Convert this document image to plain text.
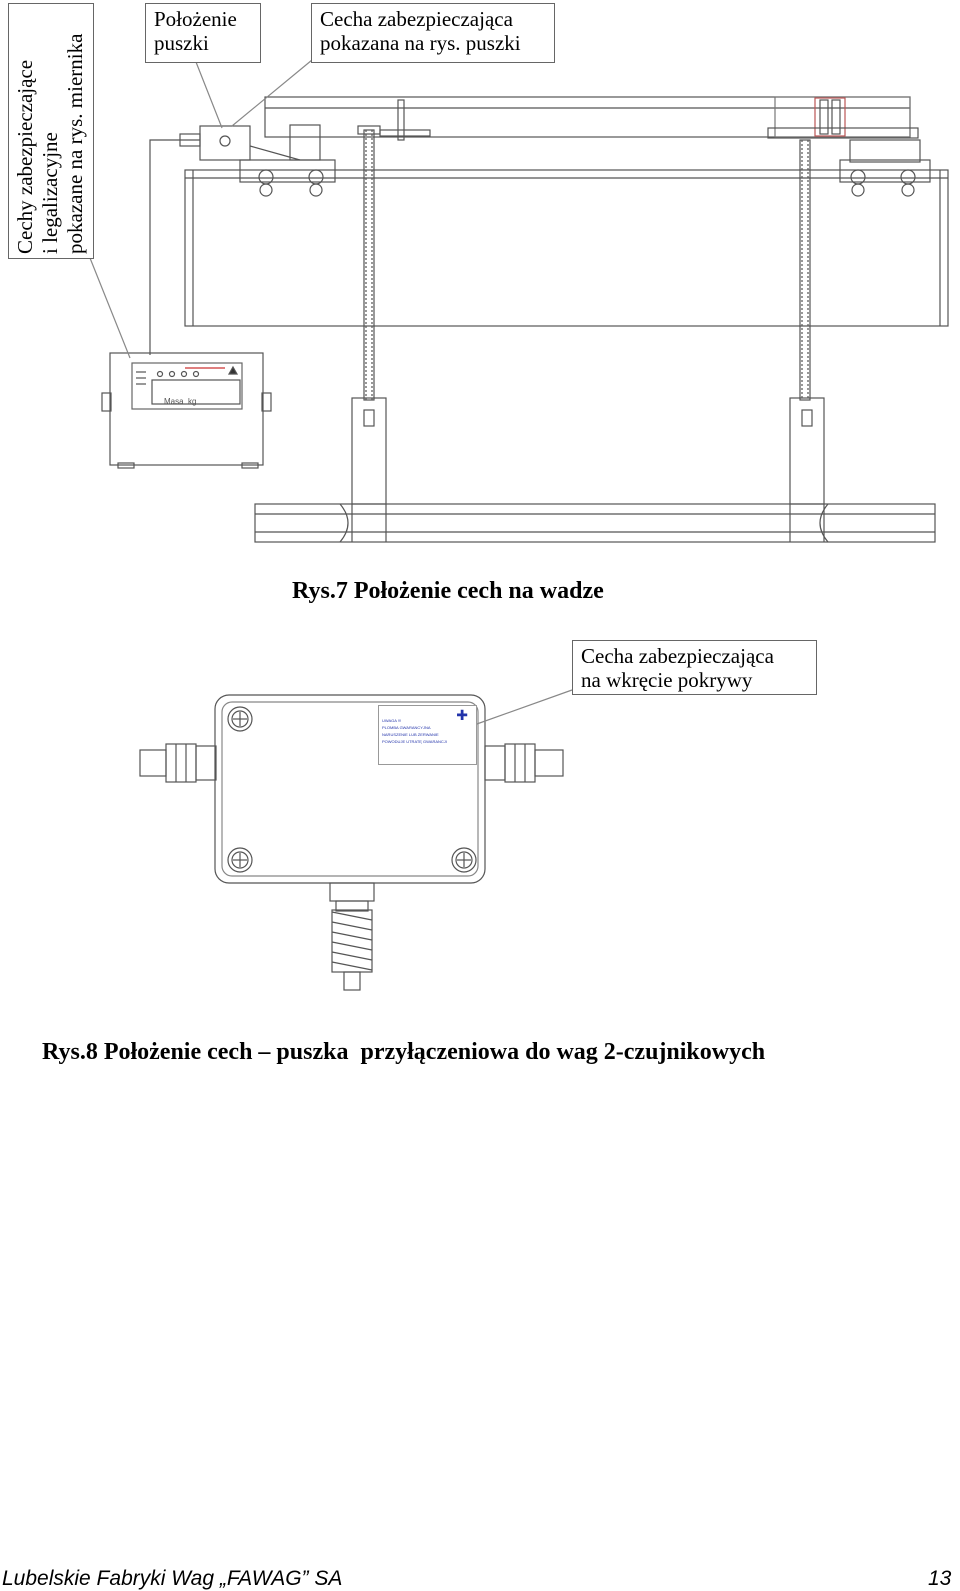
Cechy zabezpieczające i legalizacyjne pokazane na rys. miernika
Położenie
puszki
Cecha zabezpieczająca
pokazana na rys. puszki
Masa  kg
Rys.7 Położenie cech na wadze
✚
UWAGA !!!
PLOMBA GWARANCYJNA
NARUSZENIE LUB ZERWANIE
POWODUJE UTRATĘ GWARANCJI
Cecha zabezpieczająca
na wkręcie pokrywy
Rys.8 Położenie cech – puszka  przyłączeniowa do wag 2-czujnikowych
Lubelskie Fabryki Wag „FAWAG” SA	13
